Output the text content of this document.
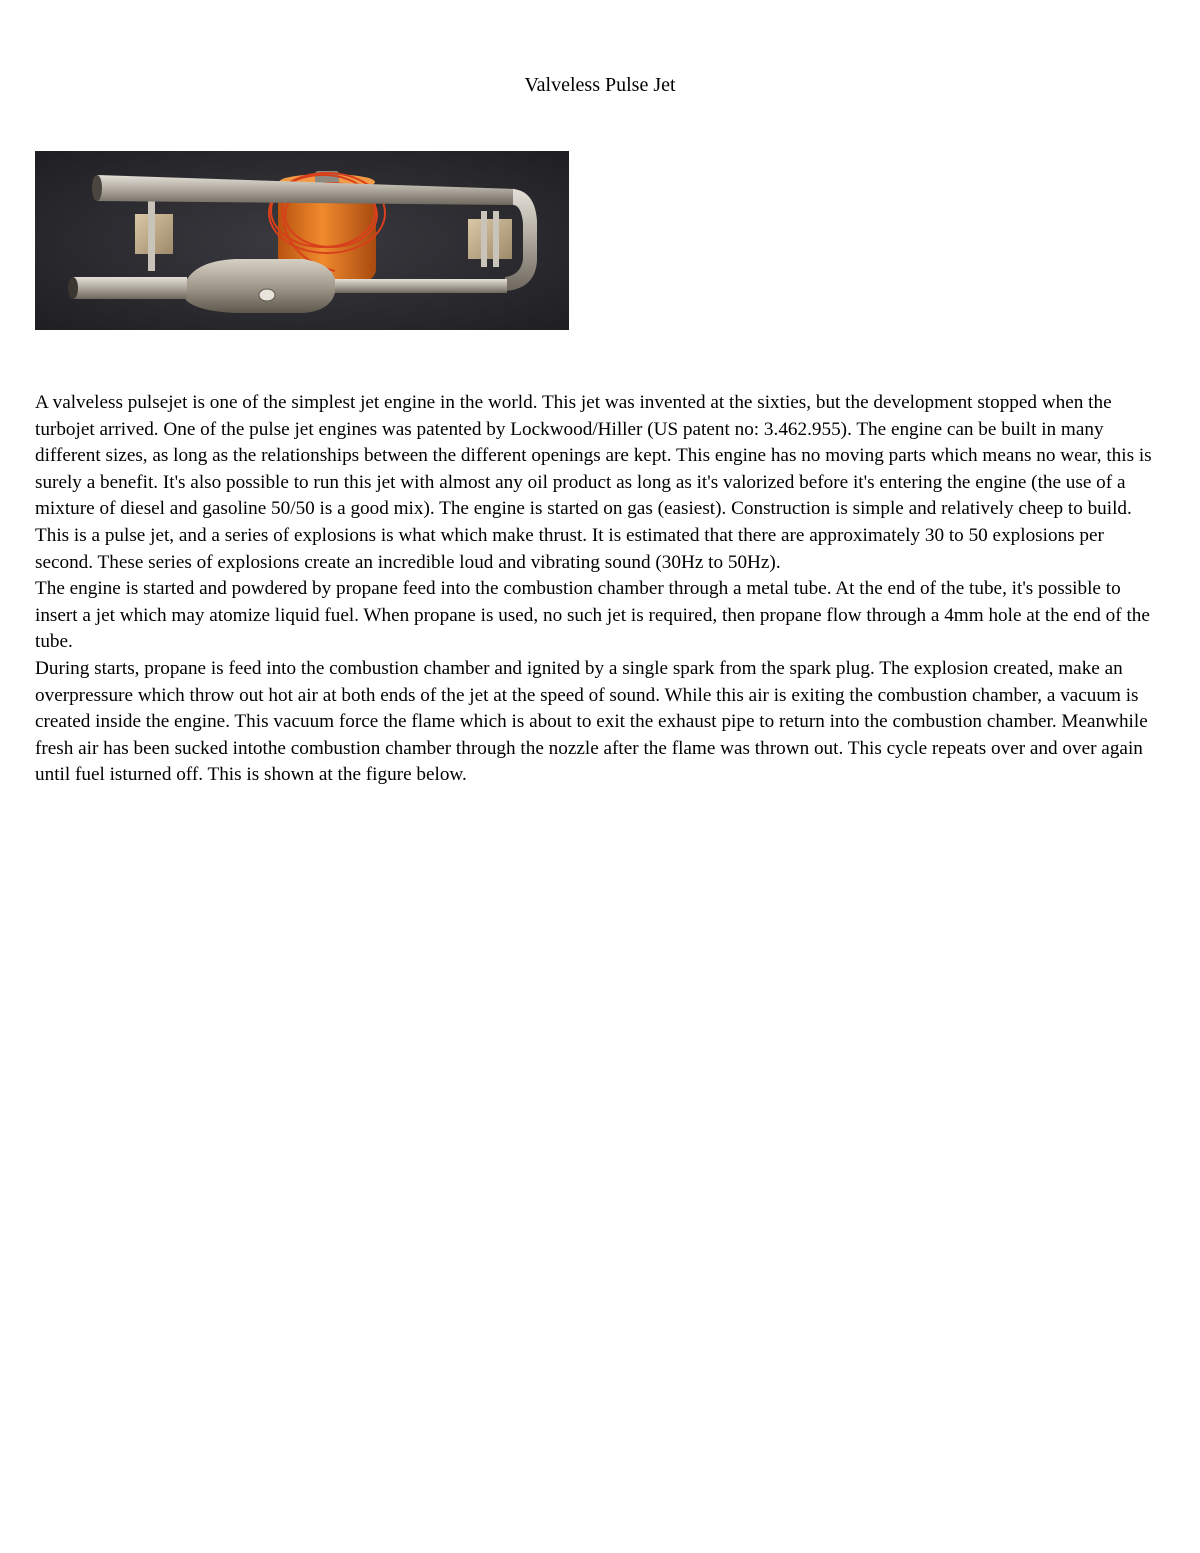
Valveless Pulse Jet

A valveless pulsejet is one of the simplest jet engine in the world. This jet was invented at the sixties, but the development stopped when the turbojet arrived. One of the pulse jet engines was patented by Lockwood/Hiller (US patent no: 3.462.955). The engine can be built in many different sizes, as long as the relationships between the different openings are kept. This engine has no moving parts which means no wear, this is surely a benefit. It's also possible to run this jet with almost any oil product as long as it's valorized before it's entering the engine (the use of a mixture of diesel and gasoline 50/50 is a good mix). The engine is started on gas (easiest). Construction is simple and relatively cheep to build. This is a pulse jet, and a series of explosions is what which make thrust. It is estimated that there are approximately 30 to 50 explosions per second. These series of explosions create an incredible loud and vibrating sound (30Hz to 50Hz).

The engine is started and powdered by propane feed into the combustion chamber through a metal tube. At the end of the tube, it's possible to insert a jet which may atomize liquid fuel. When propane is used, no such jet is required, then propane flow through a 4mm hole at the end of the tube.

During starts, propane is feed into the combustion chamber and ignited by a single spark from the spark plug. The explosion created, make an overpressure which throw out hot air at both ends of the jet at the speed of sound. While this air is exiting the combustion chamber, a vacuum is created inside the engine. This vacuum force the flame which is about to exit the exhaust pipe to return into the combustion chamber. Meanwhile fresh air has been sucked intothe combustion chamber through the nozzle after the flame was thrown out. This cycle repeats over and over again until fuel isturned off. This is shown at the figure below.
